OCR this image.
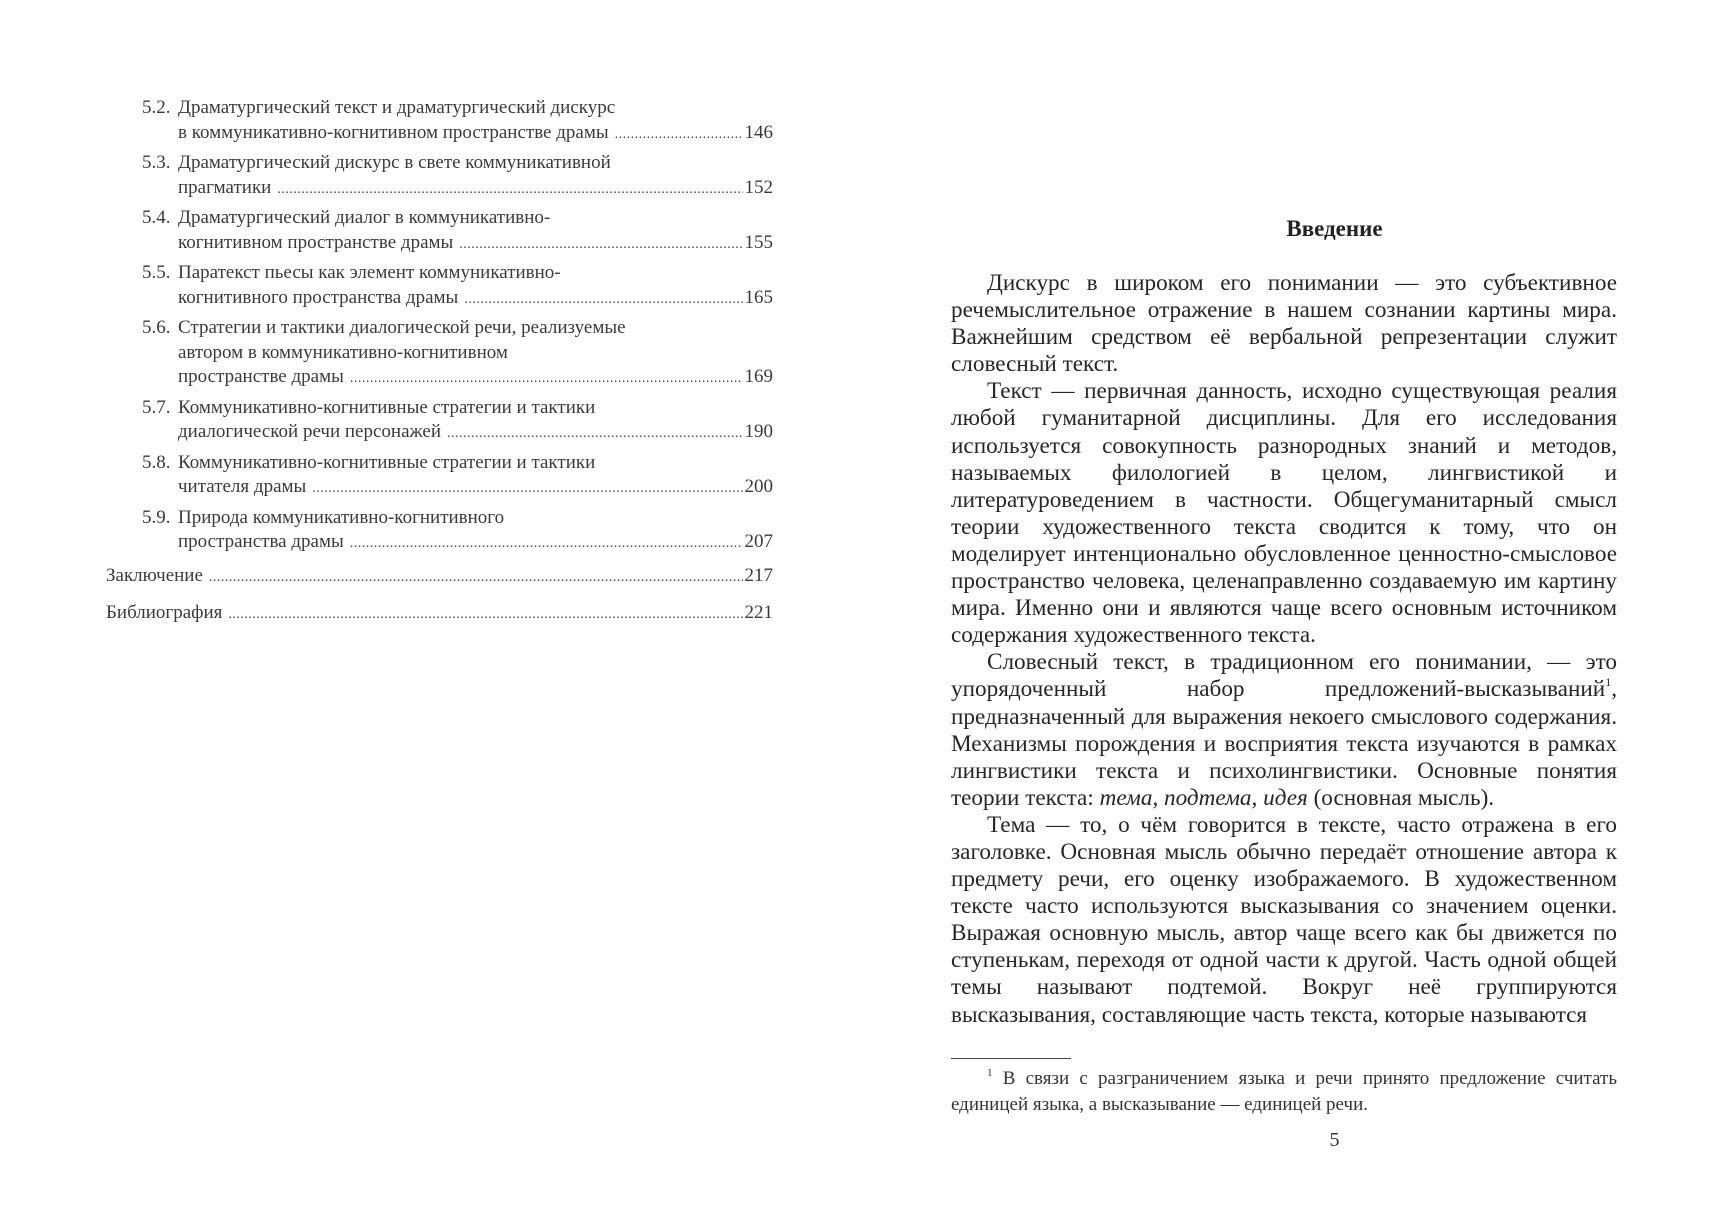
5.2. Драматургический текст и драматургический дискурс
в коммуникативно-когнитивном пространстве драмы .....	146
5.3. Драматургический дискурс в свете коммуникативной
прагматики .....	152
5.4. Драматургический диалог в коммуникативно-
когнитивном пространстве драмы .....	155
5.5. Паратекст пьесы как элемент коммуникативно-
когнитивного пространства драмы .....	165
5.6. Стратегии и тактики диалогической речи, реализуемые
автором в коммуникативно-когнитивном
пространстве драмы .....	169
5.7. Коммуникативно-когнитивные стратегии и тактики
диалогической речи персонажей .....	190
5.8. Коммуникативно-когнитивные стратегии и тактики
читателя драмы .....	200
5.9. Природа коммуникативно-когнитивного
пространства драмы .....	207
Заключение .....	217
Библиография .....	221
Введение

Дискурс в широком его понимании — это субъективное речемыслительное отражение в нашем сознании картины мира. Важнейшим средством её вербальной репрезентации служит словесный текст.

Текст — первичная данность, исходно существующая реалия любой гуманитарной дисциплины. Для его исследования используется совокупность разнородных знаний и методов, называемых филологией в целом, лингвистикой и литературоведением в частности. Общегуманитарный смысл теории художественного текста сводится к тому, что он моделирует интенционально обусловленное ценностно-смысловое пространство человека, целенаправленно создаваемую им картину мира. Именно они и являются чаще всего основным источником содержания художественного текста.

Словесный текст, в традиционном его понимании, — это упорядоченный набор предложений-высказываний$^1$, предназначенный для выражения некоего смыслового содержания. Механизмы порождения и восприятия текста изучаются в рамках лингвистики текста и психолингвистики. Основные понятия теории текста: тема, подтема, идея (основная мысль).

Тема — то, о чём говорится в тексте, часто отражена в его заголовке. Основная мысль обычно передаёт отношение автора к предмету речи, его оценку изображаемого. В художественном тексте часто используются высказывания со значением оценки. Выражая основную мысль, автор чаще всего как бы движется по ступенькам, переходя от одной части к другой. Часть одной общей темы называют подтемой. Вокруг неё группируются высказывания, составляющие часть текста, которые называются

$^1$ В связи с разграничением языка и речи принято предложение считать единицей языка, а высказывание — единицей речи.
5
